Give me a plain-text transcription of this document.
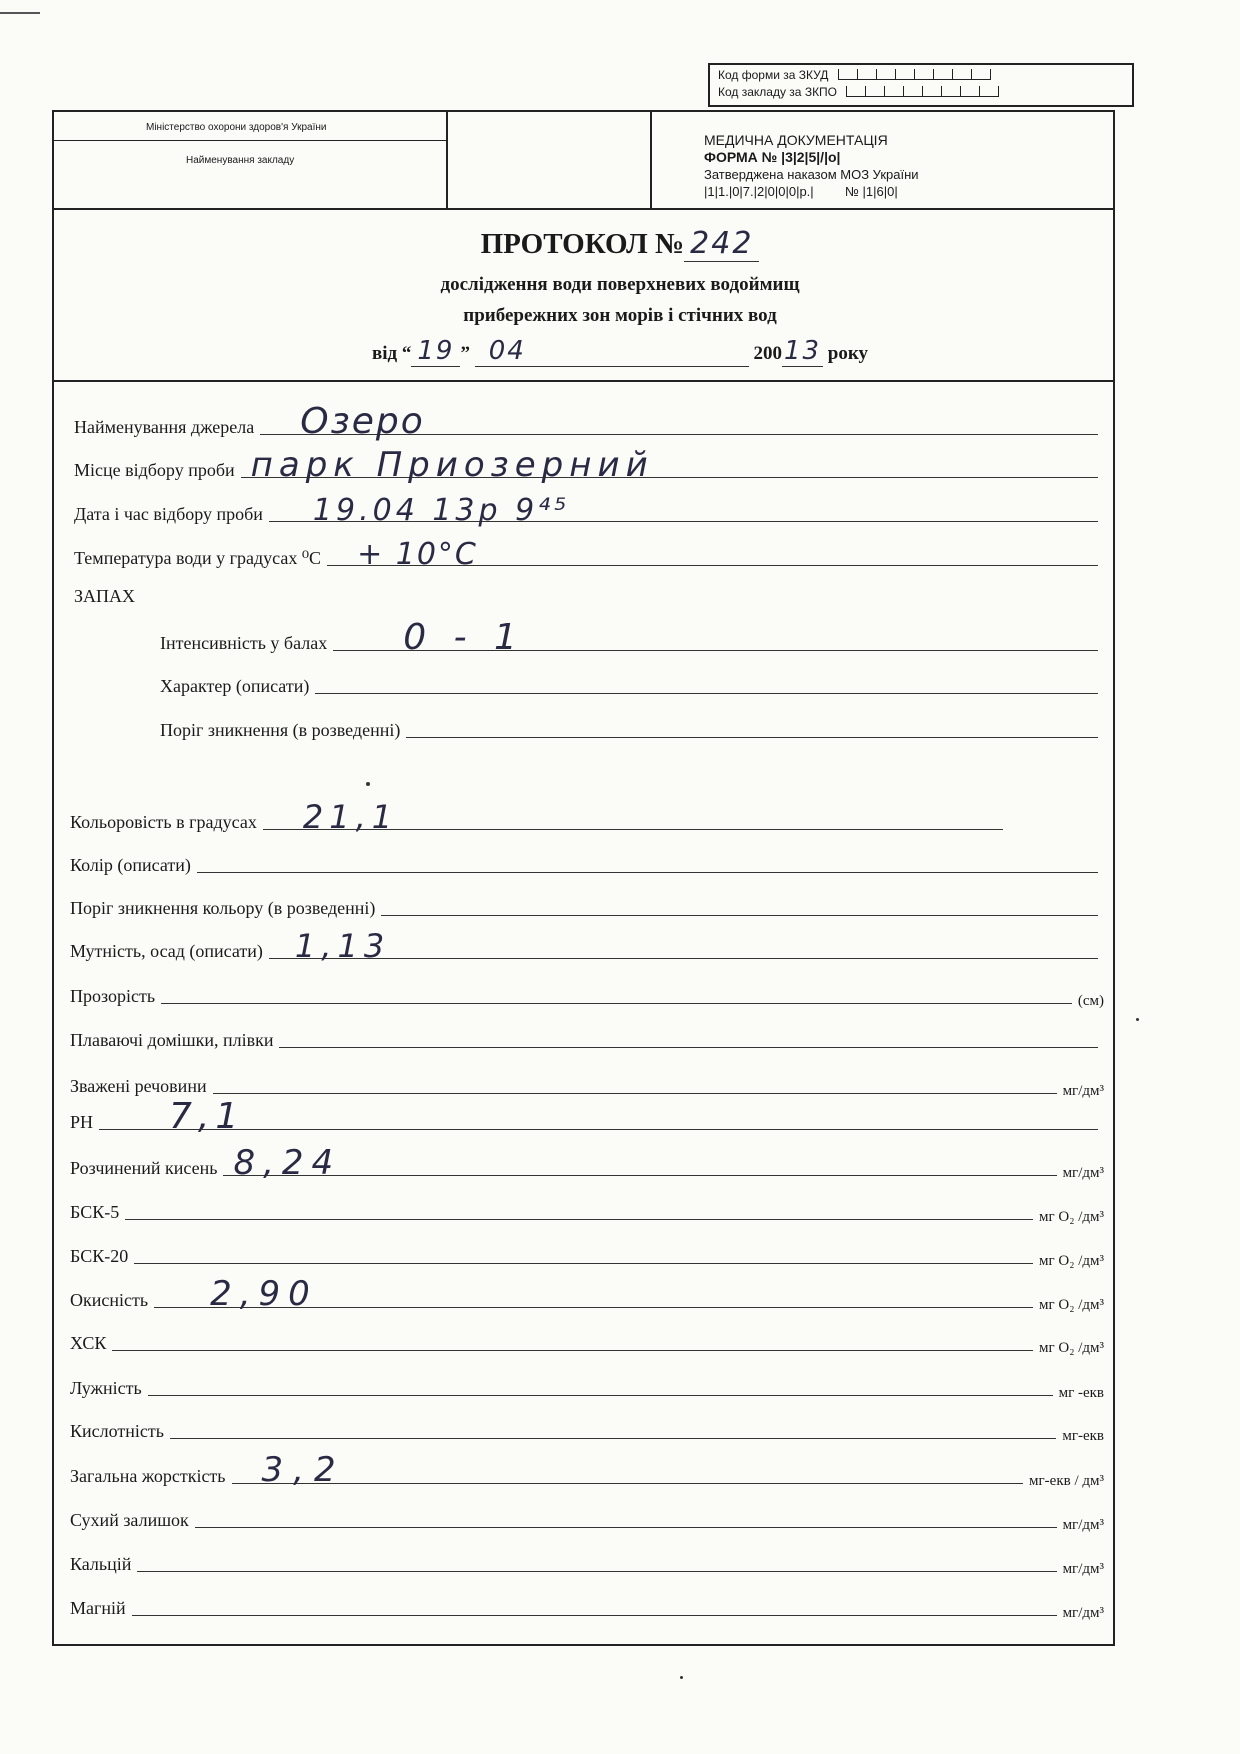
Код форми за ЗКУД
Код закладу за ЗКПО
Міністерство охорони здоров'я України
Найменування закладу
МЕДИЧНА ДОКУМЕНТАЦІЯ
ФОРМА № |3|2|5|/|о|
Затверджена наказом МОЗ України
|1|1.|0|7.|2|0|0|0|р.| № |1|6|0|
ПРОТОКОЛ № 242
дослідження води поверхневих водоймищ
прибережних зон морів і стічних вод
від “ 19 ” 04	20013 року
Найменування джерела Озеро
Місце відбору проби парк Приозерний
Дата і час відбору проби 19.04 13р 9⁴⁵
Температура води у градусах ⁰С + 10°С
ЗАПАХ
Інтенсивність у балах 0 - 1
Характер (описати)
Поріг зникнення (в розведенні)
Кольоровість в градусах 21,1
Колір (описати)
Поріг зникнення кольору (в розведенні)
Мутність, осад (описати) 1,13
Прозорість	(см)
Плаваючі домішки, плівки
Зважені речовини	мг/дм³
PH 7,1
Розчинений кисень 8,24	мг/дм³
БСК-5	мг О₂ /дм³
БСК-20	мг О₂ /дм³
Окисність 2,90	мг О₂ /дм³
ХСК	мг О₂ /дм³
Лужність	мг -екв
Кислотність	мг-екв
Загальна жорсткість 3,2	мг-екв / дм³
Сухий залишок	мг/дм³
Кальцій	мг/дм³
Магній	мг/дм³
